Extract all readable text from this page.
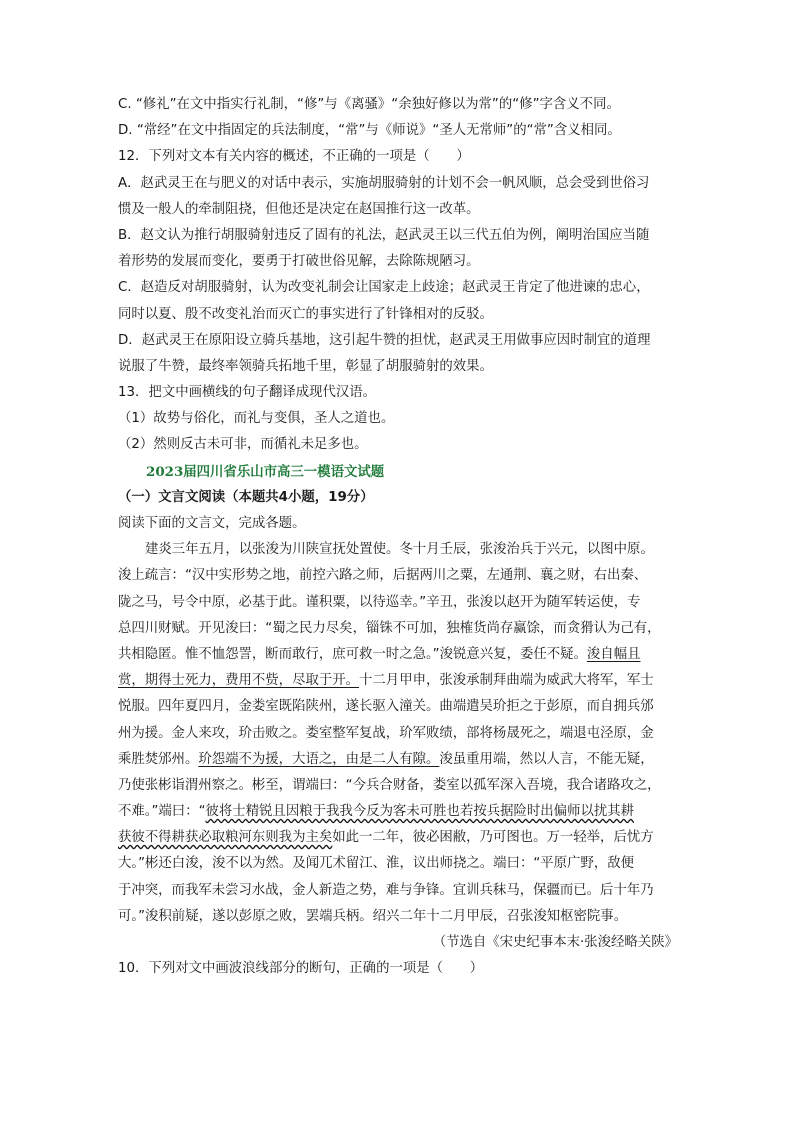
C. “修礼”在文中指实行礼制，“修”与《离骚》“余独好修以为常”的“修”字含义不同。
D. “常经”在文中指固定的兵法制度，“常”与《师说》“圣人无常师”的“常”含义相同。
12．下列对文本有关内容的概述，不正确的一项是（　　）
A．赵武灵王在与肥义的对话中表示，实施胡服骑射的计划不会一帆风顺，总会受到世俗习
惯及一般人的牵制阻挠，但他还是决定在赵国推行这一改革。
B．赵文认为推行胡服骑射违反了固有的礼法，赵武灵王以三代五伯为例，阐明治国应当随
着形势的发展而变化，要勇于打破世俗见解，去除陈规陋习。
C．赵造反对胡服骑射，认为改变礼制会让国家走上歧途；赵武灵王肯定了他进谏的忠心，
同时以夏、殷不改变礼治而灭亡的事实进行了针锋相对的反驳。
D．赵武灵王在原阳设立骑兵基地，这引起牛赞的担忧，赵武灵王用做事应因时制宜的道理
说服了牛赞，最终率领骑兵拓地千里，彰显了胡服骑射的效果。
13．把文中画横线的句子翻译成现代汉语。
（1）故势与俗化，而礼与变俱，圣人之道也。
（2）然则反古未可非，而循礼未足多也。
2023届四川省乐山市高三一模语文试题
（一）文言文阅读（本题共4小题，19分）
阅读下面的文言文，完成各题。
建炎三年五月，以张浚为川陕宣抚处置使。冬十月壬辰，张浚治兵于兴元，以图中原。
浚上疏言：“汉中实形势之地，前控六路之师，后据两川之粟，左通荆、襄之财，右出秦、
陇之马，号令中原，必基于此。谨积粟，以待巡幸。”辛丑，张浚以赵开为随军转运使，专
总四川财赋。开见浚曰：“蜀之民力尽矣，锱铢不可加，独榷货尚存赢馀，而贪猾认为己有，
共相隐匿。惟不恤怨詈，断而敢行，庶可救一时之急。”浚锐意兴复，委任不疑。浚自幅且
赏，期得士死力，费用不赀，尽取于开。十二月甲申，张浚承制拜曲端为威武大将军，军士
悦服。四年夏四月，金娄室既陷陕州，遂长驱入潼关。曲端遣吴玠拒之于彭原，而自拥兵邠
州为援。金人来攻，玠击败之。娄室整军复战，玠军败绩，部将杨晟死之，端退屯泾原，金
乘胜焚邠州。玠怨端不为援，大语之，由是二人有隙。浚虽重用端，然以人言，不能无疑，
乃使张彬诣渭州察之。彬至，谓端曰：“今兵合财备，娄室以孤军深入吾境，我合诸路攻之，
不难。”端曰：“彼将士精锐且因粮于我我今反为客未可胜也若按兵据险时出偏师以扰其耕
获彼不得耕获必取粮河东则我为主矣如此一二年，彼必困敝，乃可图也。万一轻举，后忧方
大。”彬还白浚，浚不以为然。及闻兀术留江、淮，议出师挠之。端曰：“平原广野，敌便
于冲突，而我军未尝习水战，金人新造之势，难与争锋。宜训兵秣马，保疆而已。后十年乃
可。”浚积前疑，遂以彭原之败，罢端兵柄。绍兴二年十二月甲辰，召张浚知枢密院事。
（节选自《宋史纪事本末·张浚经略关陕》
10．下列对文中画波浪线部分的断句，正确的一项是（　　）
